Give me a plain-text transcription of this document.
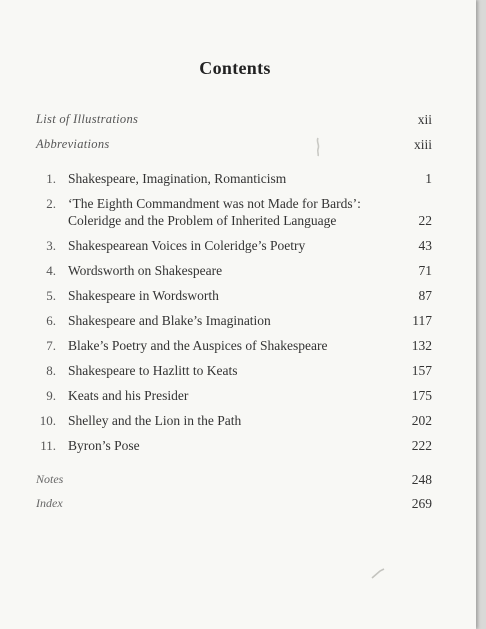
Contents
List of Illustrations	xii
Abbreviations	xiii
1. Shakespeare, Imagination, Romanticism	1
2. ‘The Eighth Commandment was not Made for Bards’:
Coleridge and the Problem of Inherited Language	22
3. Shakespearean Voices in Coleridge’s Poetry	43
4. Wordsworth on Shakespeare	71
5. Shakespeare in Wordsworth	87
6. Shakespeare and Blake’s Imagination	117
7. Blake’s Poetry and the Auspices of Shakespeare	132
8. Shakespeare to Hazlitt to Keats	157
9. Keats and his Presider	175
10. Shelley and the Lion in the Path	202
11. Byron’s Pose	222
Notes	248
Index	269
